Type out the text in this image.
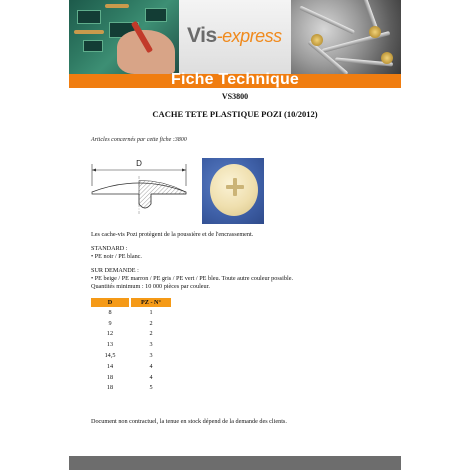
Vis-express
Fiche Technique
VS3800
CACHE TETE PLASTIQUE POZI (10/2012)
Articles concernés par cette fiche :3800
D
Les cache-vis Pozi protègent de la poussière et de l'encrassement.
STANDARD :
• PE noir / PE blanc.
SUR DEMANDE :
• PE beige / PE marron / PE gris / PE vert / PE bleu. Toute autre couleur possible.
Quantités minimum : 10 000 pièces par couleur.
D		PZ - N°
8		1
9		2
12		2
13		3
14,5		3
14		4
18		4
18		5
Document non contractuel, la tenue en stock dépend de la demande des clients.
